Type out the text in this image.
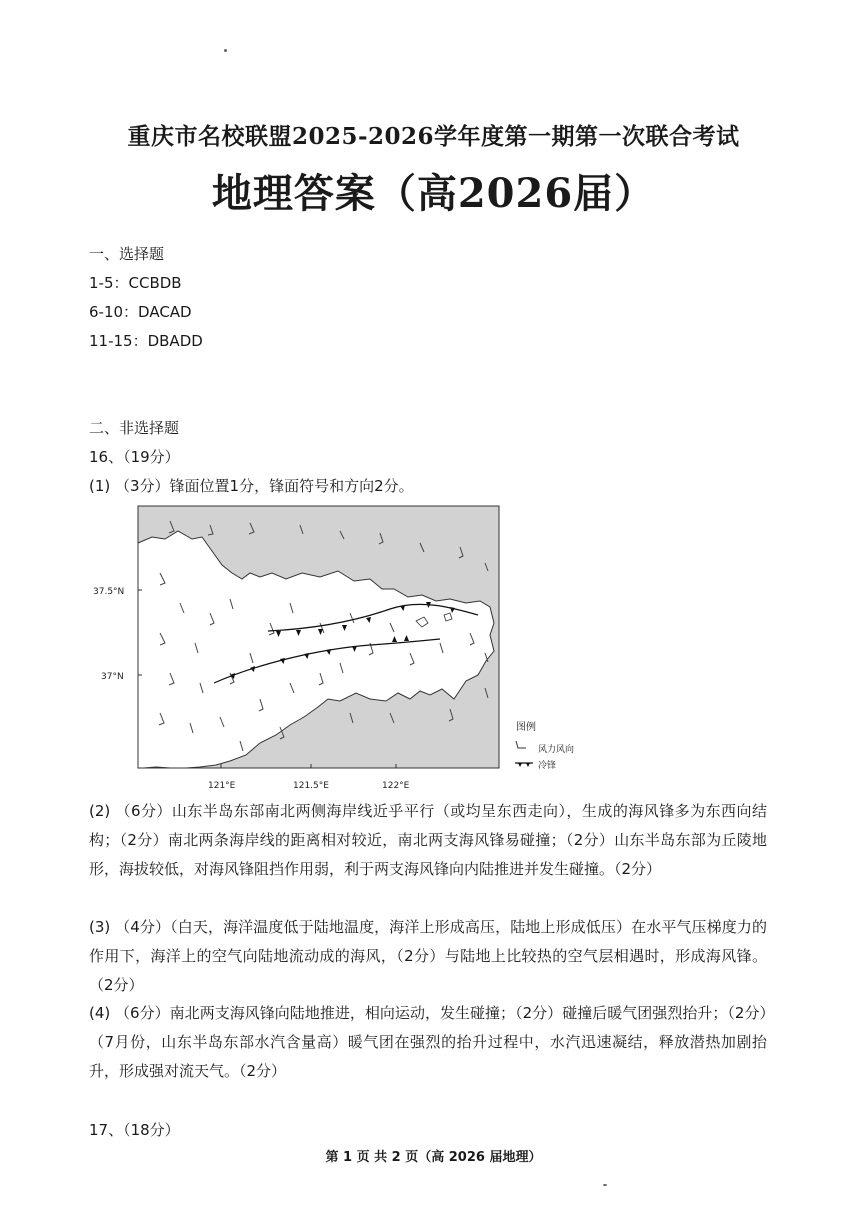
重庆市名校联盟2025-2026学年度第一期第一次联合考试
地理答案（高2026届）
一、选择题
1-5：CCBDB
6-10：DACAD
11-15：DBADD
二、非选择题
16、（19分）
(1) （3分）锋面位置1分，锋面符号和方向2分。
37.5°N
37°N
121°E	121.5°E	122°E
图例
风力风向
冷锋
(2) （6分）山东半岛东部南北两侧海岸线近乎平行（或均呈东西走向），生成的海风锋多为东西向结构；（2分）南北两条海岸线的距离相对较近，南北两支海风锋易碰撞；（2分）山东半岛东部为丘陵地形，海拔较低，对海风锋阻挡作用弱，利于两支海风锋向内陆推进并发生碰撞。（2分）
(3) （4分）（白天，海洋温度低于陆地温度，海洋上形成高压，陆地上形成低压）在水平气压梯度力的作用下，海洋上的空气向陆地流动成的海风，（2分）与陆地上比较热的空气层相遇时，形成海风锋。（2分）
(4) （6分）南北两支海风锋向陆地推进，相向运动，发生碰撞；（2分）碰撞后暖气团强烈抬升；（2分）（7月份，山东半岛东部水汽含量高）暖气团在强烈的抬升过程中，水汽迅速凝结，释放潜热加剧抬升，形成强对流天气。（2分）
17、（18分）
第 1 页 共 2 页（高 2026 届地理）
